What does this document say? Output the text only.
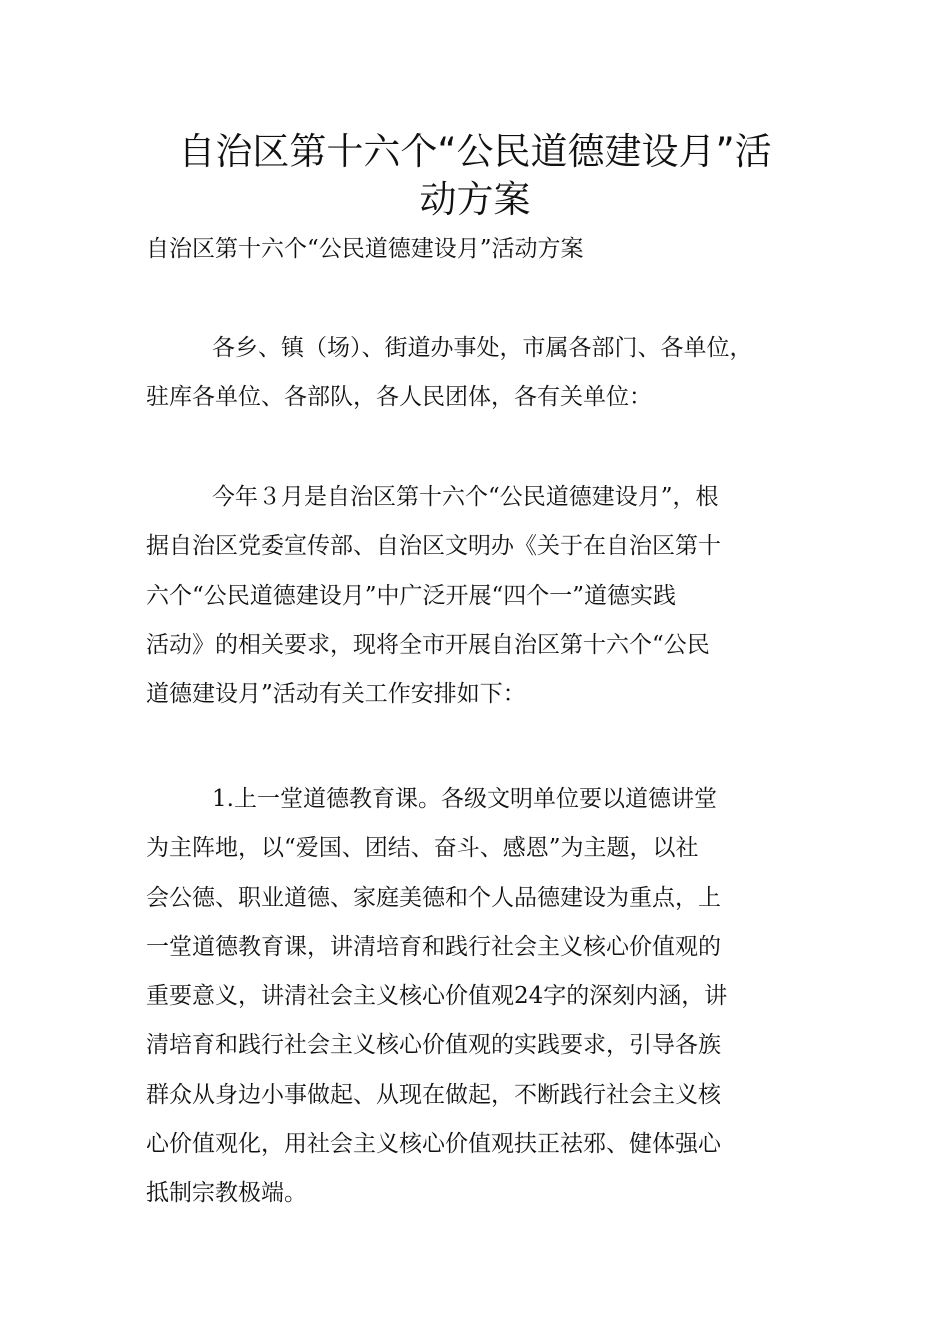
自治区第十六个“公民道德建设月”活
动方案

自治区第十六个“公民道德建设月”活动方案

各乡、镇（场）、街道办事处，市属各部门、各单位，
驻库各单位、各部队，各人民团体，各有关单位：
今年３月是自治区第十六个“公民道德建设月”，根
据自治区党委宣传部、自治区文明办《关于在自治区第十
六个“公民道德建设月”中广泛开展“四个一”道德实践
活动》的相关要求，现将全市开展自治区第十六个“公民
道德建设月”活动有关工作安排如下：
1.上一堂道德教育课。各级文明单位要以道德讲堂
为主阵地，以“爱国、团结、奋斗、感恩”为主题，以社
会公德、职业道德、家庭美德和个人品德建设为重点，上
一堂道德教育课，讲清培育和践行社会主义核心价值观的
重要意义，讲清社会主义核心价值观24字的深刻内涵，讲
清培育和践行社会主义核心价值观的实践要求，引导各族
群众从身边小事做起、从现在做起，不断践行社会主义核
心价值观化，用社会主义核心价值观扶正祛邪、健体强心
抵制宗教极端。
